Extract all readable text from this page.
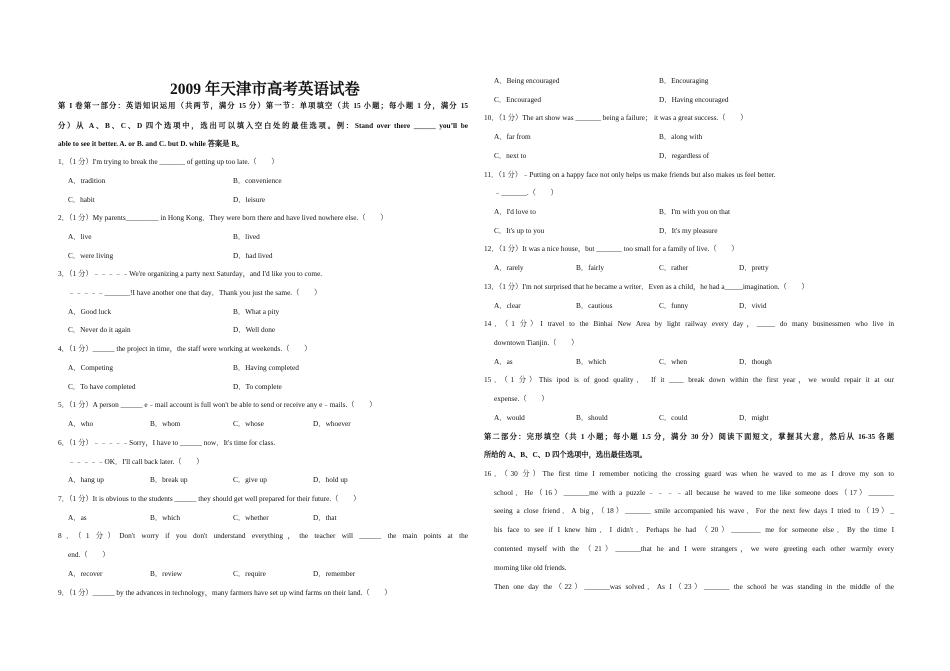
2009 年天津市高考英语试卷
第 I 卷第一部分：英语知识运用（共两节，满分 15 分）第一节：单项填空（共 15 小题；每小题 1 分，满分 15
分）从 A、B、C、D 四个选项中，选出可以填入空白处的最佳选项。例：Stand over there ______ you’ll be
able to see it better. A. or B. and C. but D. while 答案是 B。
1．（1 分）I'm trying to break the _______ of getting up too late.（　　）
A．tradition	B．convenience
C．habit	D．leisure
2．（1 分）My parents_________ in Hong Kong．They were born there and have lived nowhere else.（　　）
A．live	B．lived
C．were living	D．had lived
3．（1 分）﹣﹣﹣﹣﹣We're organizing a party next Saturday，and I'd like you to come.
﹣﹣﹣﹣﹣_______!I have another one that day．Thank you just the same.（　　）
A．Good luck	B．What a pity
C．Never do it again	D．Well done
4．（1 分）______ the project in time，the staff were working at weekends.（　　）
A．Competing	B．Having completed
C．To have completed	D．To complete
5．（1 分）A person ______ e﹣mail account is full won't be able to send or receive any e﹣mails.（　　）
A．who	B．whom	C．whose	D．whoever
6．（1 分）﹣﹣﹣﹣﹣Sorry，I have to ______ now．It's time for class.
﹣﹣﹣﹣﹣OK．I'll call back later.（　　）
A．hang up	B．break up	C．give up	D．hold up
7．（1 分）It is obvious to the students ______ they should get well prepared for their future.（　　）
A．as	B．which	C．whether	D．that
8．（1 分）Don't worry if you don't understand everything，the teacher will ______ the main points at the
end.（　　）
A．recover	B．review	C．require	D．remember
9．（1 分）______ by the advances in technology，many farmers have set up wind farms on their land.（　　）
A．Being encouraged	B．Encouraging
C．Encouraged	D．Having encouraged
10．（1 分）The art show was _______ being a failure； it was a great success.（　　）
A．far from	B．along with
C．next to	D．regardless of
11．（1 分）﹣Putting on a happy face not only helps us make friends but also makes us feel better.
﹣_______.（　　）
A．I'd love to	B．I'm with you on that
C．It's up to you	D．It's my pleasure
12．（1 分）It was a nice house，but _______ too small for a family of live.（　　）
A．rarely	B．fairly	C．rather	D．pretty
13．（1 分）I'm not surprised that he became a writer．Even as a child，he had a_____imagination.（　　）
A．clear	B．cautious	C．funny	D．vivid
14．（1 分）I travel to the Binhai New Area by light railway every day，_____ do many businessmen who live in
downtown Tianjin.（　　）
A．as	B．which	C．when	D．though
15．（1 分）This ipod is of good quality． If it ____ break down within the first year，we would repair it at our
expense.（　　）
A．would	B．should	C．could	D．might
第二部分：完形填空（共 1 小题；每小题 1.5 分，满分 30 分）阅读下面短文，掌握其大意，然后从 16-35 各题
所给的 A、B、C、D 四个选项中，选出最佳选项。
16．（30 分）The first time I remember noticing the crossing guard was when he waved to me as I drove my son to
school．He（16）_______me with a puzzle﹣﹣﹣﹣all because he waved to me like someone does（17）_______
seeing a close friend．A big，（18）_______ smile accompanied his wave．For the next few days I tried to（19）_
his face to see if I knew him．I didn't．Perhaps he had （20）________ me for someone else．By the time I
contented myself with the （21）_______that he and I were strangers，we were greeting each other warmly every
morning like old friends.
Then one day the（22）_______was solved．As I（23）_______ the school he was standing in the middle of the
